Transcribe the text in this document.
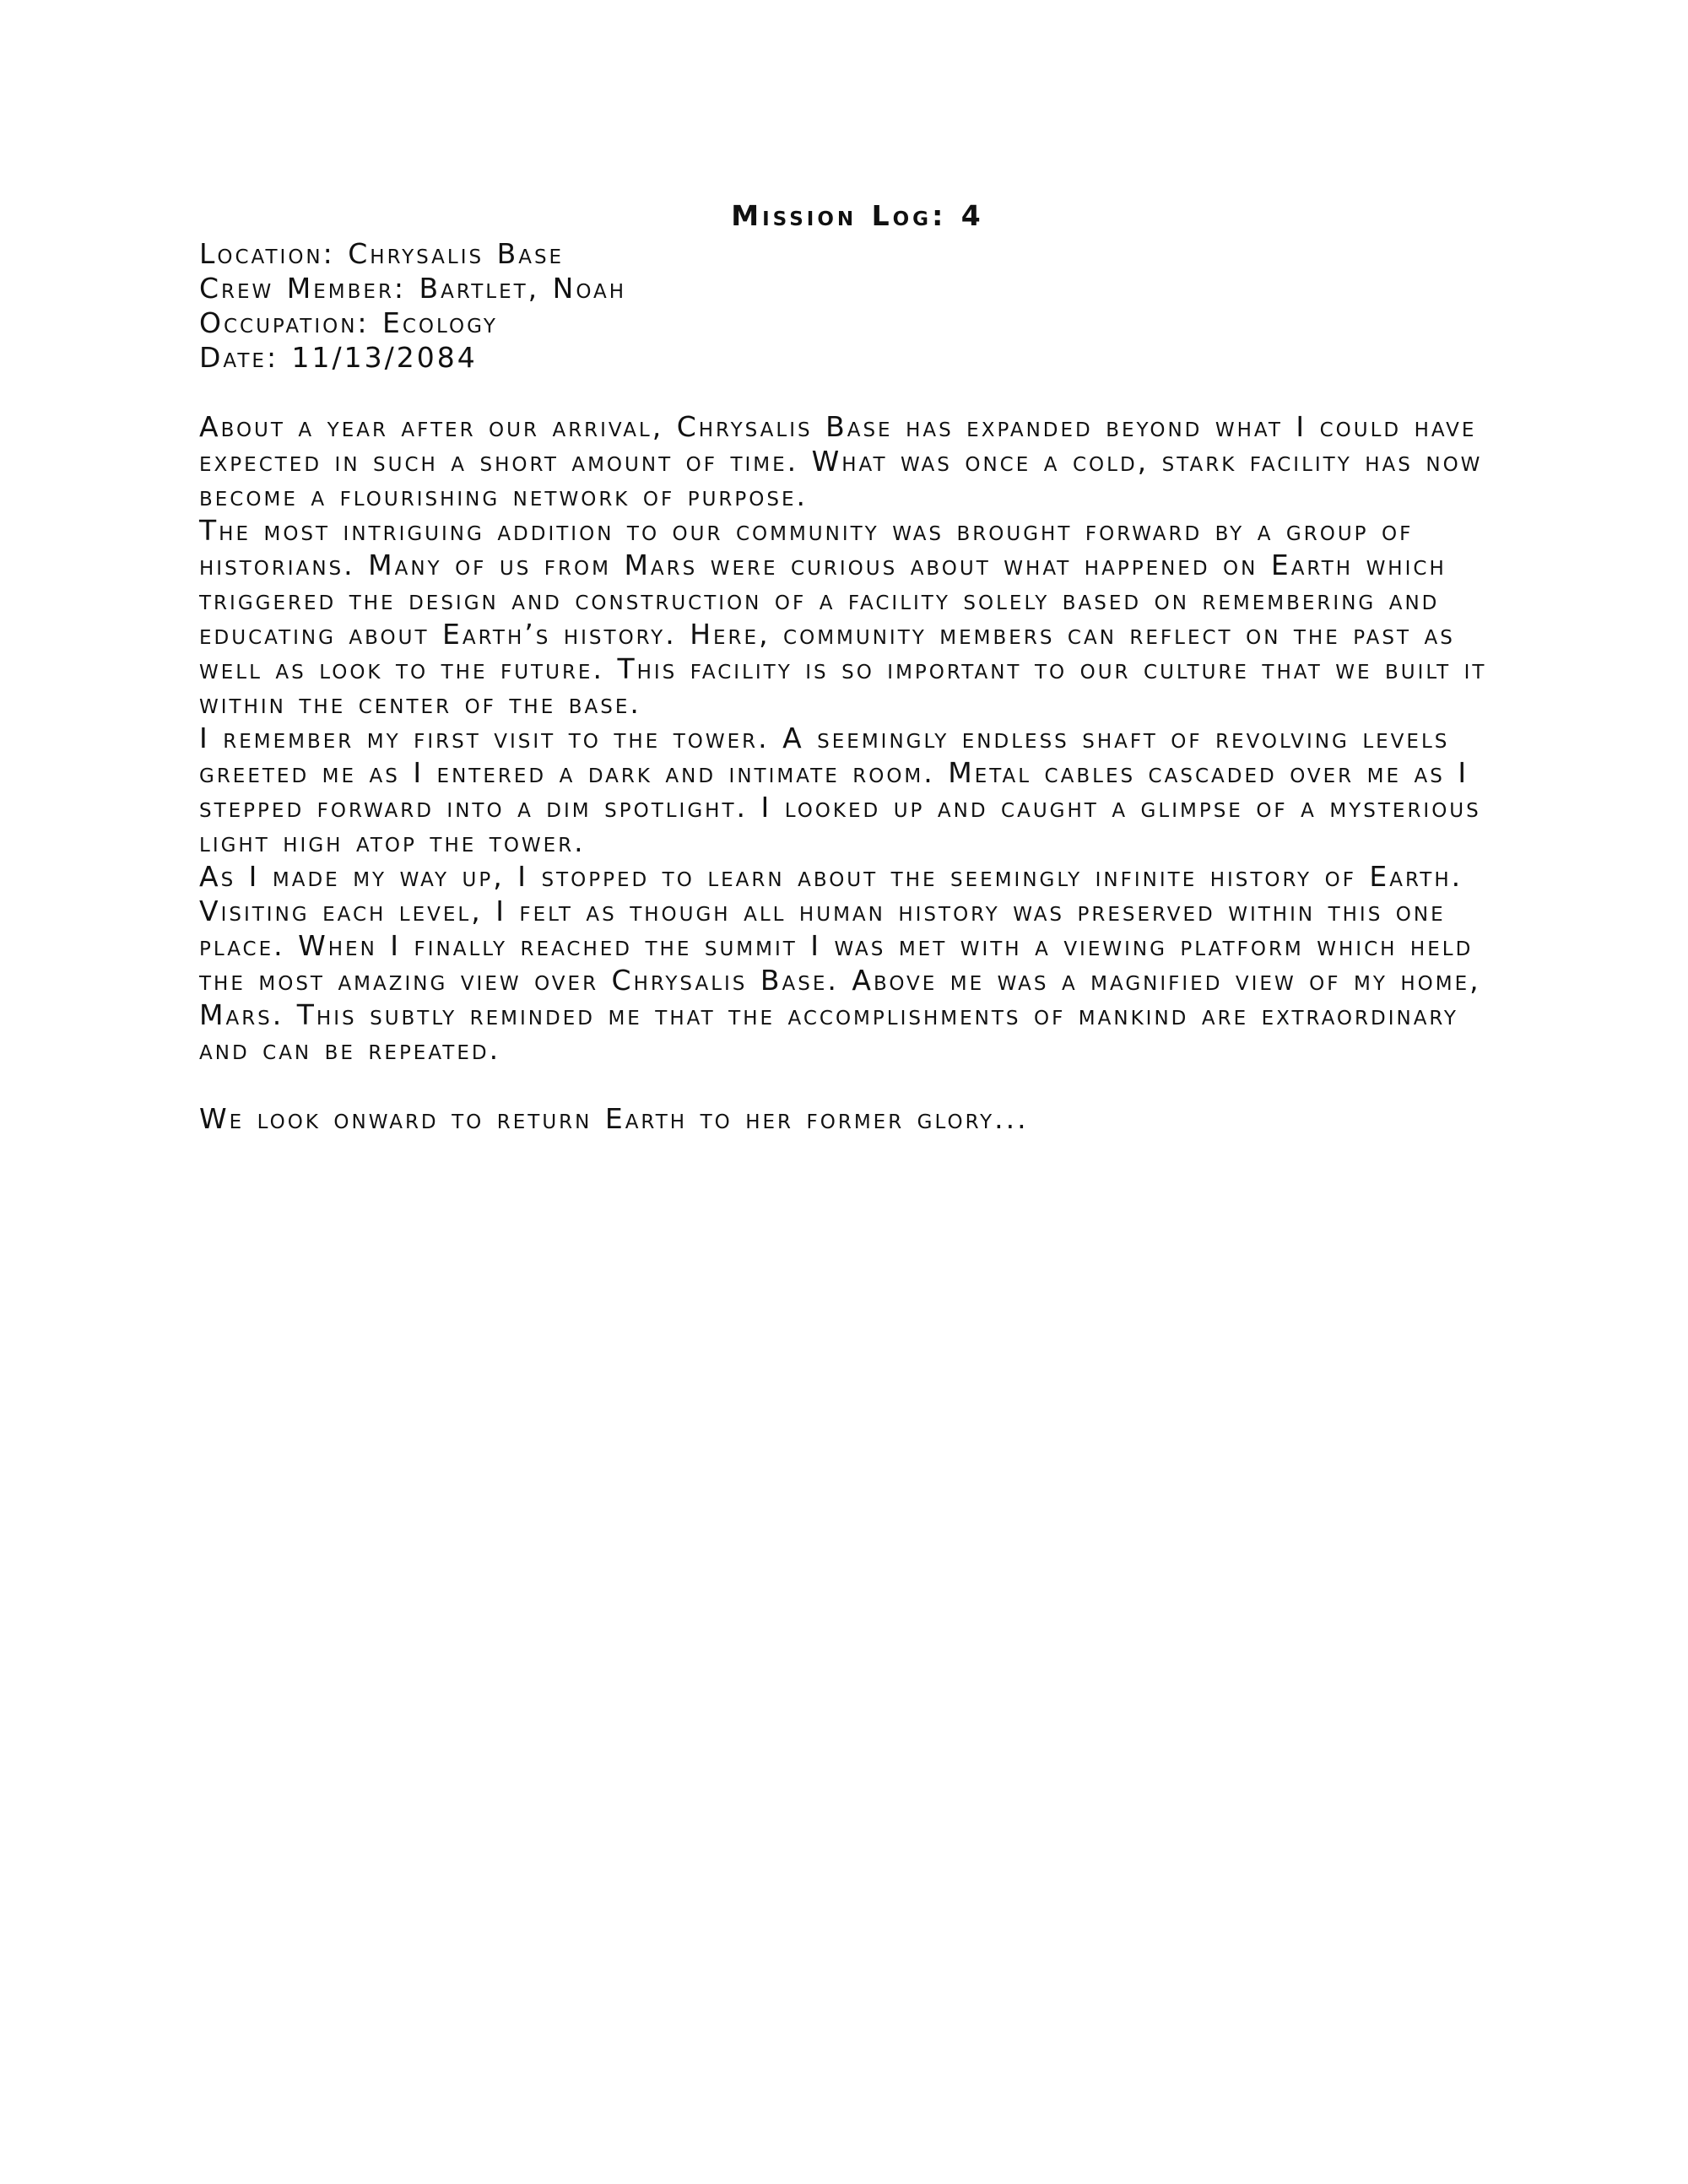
Mission Log: 4
Location: Chrysalis Base
Crew Member: Bartlet, Noah
Occupation: Ecology
Date: 11/13/2084

About a year after our arrival, Chrysalis Base has expanded beyond what I could have expected in such a short amount of time. What was once a cold, stark facility has now become a flourishing network of purpose.

The most intriguing addition to our community was brought forward by a group of historians. Many of us from Mars were curious about what happened on Earth which triggered the design and construction of a facility solely based on remembering and educating about Earth’s history. Here, community members can reflect on the past as well as look to the future. This facility is so important to our culture that we built it within the center of the base.

I remember my first visit to the tower. A seemingly endless shaft of revolving levels greeted me as I entered a dark and intimate room. Metal cables cascaded over me as I stepped forward into a dim spotlight. I looked up and caught a glimpse of a mysterious light high atop the tower.

As I made my way up, I stopped to learn about the seemingly infinite history of Earth. Visiting each level, I felt as though all human history was preserved within this one place. When I finally reached the summit I was met with a viewing platform which held the most amazing view over Chrysalis Base. Above me was a magnified view of my home, Mars. This subtly reminded me that the accomplishments of mankind are extraordinary and can be repeated.

We look onward to return Earth to her former glory...
